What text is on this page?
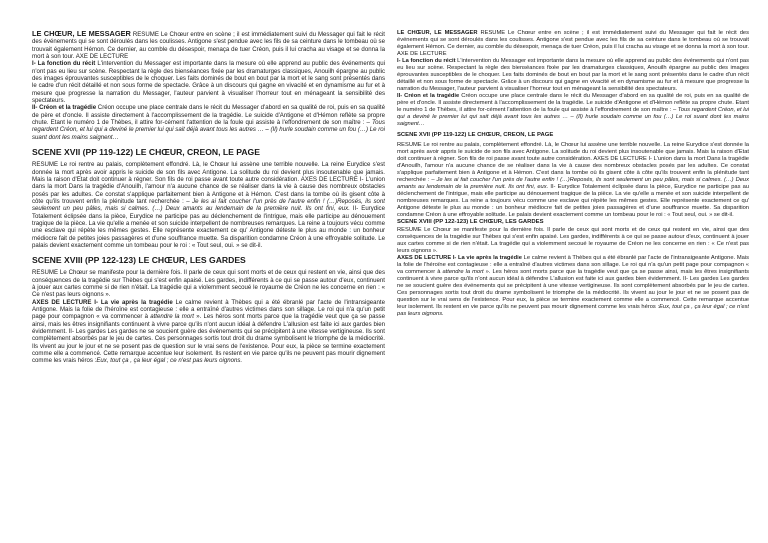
LE CHŒUR, LE MESSAGER RESUME Le Chœur entre en scène ; il est immédiatement suivi du Messager qui fait le récit des événements qui se sont déroulés dans les coulisses. Antigone s'est pendue avec les fils de sa ceinture dans le tombeau où se trouvait également Hémon. Ce dernier, au comble du désespoir, menaça de tuer Créon, puis il lui cracha au visage et se donna la mort à son tour. AXE DE LECTURE
I- La fonction du récit L'intervention du Messager est importante dans la mesure où elle apprend au public des événements qui n'ont pas eu lieu sur scène. Respectant la règle des bienséances fixée par les dramaturges classiques, Anouilh épargne au public des images éprouvantes susceptibles de le choquer. Les faits dominés de bout en bout par la mort et le sang sont présentés dans le cadre d'un récit détaillé et non sous forme de spectacle. Grâce à un discours qui gagne en vivacité et en dynamisme au fur et à mesure que progresse la narration du Messager, l'auteur parvient à visualiser l'horreur tout en ménageant la sensibilité des spectateurs.
II- Créon et la tragédie Créon occupe une place centrale dans le récit du Messager d'abord en sa qualité de roi, puis en sa qualité de père et d'oncle. Il assiste directement à l'accomplissement de la tragédie. Le suicide d'Antigone et d'Hémon reflète sa propre chute. Etant le numéro 1 de Thèbes, il attire for-cément l'attention de la foule qui assiste à l'effondrement de son maître : – Tous regardent Créon, et lui qui a deviné le premier lui qui sait déjà avant tous les autres … – (Il) hurle soudain comme un fou (…) Le roi suant dont les mains saignent…

SCENE XVII (PP 119-122) LE CHŒUR, CREON, LE PAGE

RESUME Le roi rentre au palais, complètement effondré. Là, le Chœur lui assène une terrible nouvelle. La reine Eurydice s'est donnée la mort après avoir appris le suicide de son fils avec Antigone. La solitude du roi devient plus insoutenable que jamais. Mais la raison d'Etat doit continuer à régner. Son fils de roi passe avant toute autre considération. AXES DE LECTURE I- L'union dans la mort Dans la tragédie d'Anouilh, l'amour n'a aucune chance de se réaliser dans la vie à cause des nombreux obstacles posés par les adultes. Ce constat s'applique parfaitement bien à Antigone et à Hémon. C'est dans la tombe où ils gisent côte à côte qu'ils trouvent enfin la plénitude tant recherchée : – Je les ai fait coucher l'un près de l'autre enfin ! (…)Reposés, ils sont seulement un peu pâles, mais si calmes. (…) Deux amants au lendemain de la première nuit. Ils ont fini, eux. II- Eurydice Totalement éclipsée dans la pièce, Eurydice ne participe pas au déclenchement de l'intrigue, mais elle participe au dénouement tragique de la pièce. La vie qu'elle a menée et son suicide interpellent de nombreuses remarques. La reine a toujours vécu comme une esclave qui répète les mêmes gestes. Elle représente exactement ce qu' Antigone déteste le plus au monde : un bonheur médiocre fait de petites joies passagères et d'une souffrance muette. Sa disparition condamne Créon à une effroyable solitude. Le palais devient exactement comme un tombeau pour le roi : « Tout seul, oui. » se dit-il.

SCENE XVIII (PP 122-123) LE CHŒUR, LES GARDES

RESUME Le Chœur se manifeste pour la dernière fois. Il parle de ceux qui sont morts et de ceux qui restent en vie, ainsi que des conséquences de la tragédie sur Thèbes qui s'est enfin apaisé. Les gardes, indifférents à ce qui se passe autour d'eux, continuent à jouer aux cartes comme si de rien n'était. La tragédie qui a violemment secoué le royaume de Créon ne les concerne en rien : « Ce n'est pas leurs oignons ».
AXES DE LECTURE I- La vie après la tragédie Le calme revient à Thèbes qui a été ébranlé par l'acte de l'intransigeante Antigone. Mais la folie de l'héroïne est contagieuse : elle a entraîné d'autres victimes dans son sillage. Le roi qui n'a qu'un petit page pour compagnon « va commencer à attendre la mort ». Les héros sont morts parce que la tragédie veut que ça se passe ainsi, mais les êtres insignifiants continuent à vivre parce qu'ils n'ont aucun idéal à défendre L'allusion est faite ici aux gardes bien évidemment. II- Les gardes Les gardes ne se soucient guère des événements qui se précipitent à une vitesse vertigineuse. Ils sont complètement absorbés par le jeu de cartes. Ces personnages sortis tout droit du drame symbolisent le triomphe de la médiocrité. Ils vivent au jour le jour et ne se posent pas de question sur le vrai sens de l'existence. Pour eux, la pièce se termine exactement comme elle a commencé. Cette remarque accentue leur isolement. Ils restent en vie parce qu'ils ne peuvent pas mourir dignement comme les vrais héros :Eux, tout ça , ça leur égal ; ce n'est pas leurs oignons.

LE CHŒUR, LE MESSAGER RESUME Le Chœur entre en scène ; il est immédiatement suivi du Messager qui fait le récit des événements qui se sont déroulés dans les coulisses. Antigone s'est pendue avec les fils de sa ceinture dans le tombeau où se trouvait également Hémon. Ce dernier, au comble du désespoir, menaça de tuer Créon, puis il lui cracha au visage et se donna la mort à son tour. AXE DE LECTURE
I- La fonction du récit L'intervention du Messager est importante dans la mesure où elle apprend au public des événements qui n'ont pas eu lieu sur scène. Respectant la règle des bienséances fixée par les dramaturges classiques, Anouilh épargne au public des images éprouvantes susceptibles de le choquer. Les faits dominés de bout en bout par la mort et le sang sont présentés dans le cadre d'un récit détaillé et non sous forme de spectacle. Grâce à un discours qui gagne en vivacité et en dynamisme au fur et à mesure que progresse la narration du Messager, l'auteur parvient à visualiser l'horreur tout en ménageant la sensibilité des spectateurs.
II- Créon et la tragédie Créon occupe une place centrale dans le récit du Messager d'abord en sa qualité de roi, puis en sa qualité de père et d'oncle. Il assiste directement à l'accomplissement de la tragédie. Le suicide d'Antigone et d'Hémon reflète sa propre chute. Etant le numéro 1 de Thèbes, il attire for-cément l'attention de la foule qui assiste à l'effondrement de son maître : – Tous regardent Créon, et lui qui a deviné le premier lui qui sait déjà avant tous les autres … – (Il) hurle soudain comme un fou (…) Le roi suant dont les mains saignent…

SCENE XVII (PP 119-122) LE CHŒUR, CREON, LE PAGE

RESUME Le roi rentre au palais, complètement effondré. Là, le Chœur lui assène une terrible nouvelle. La reine Eurydice s'est donnée la mort après avoir appris le suicide de son fils avec Antigone. La solitude du roi devient plus insoutenable que jamais. Mais la raison d'Etat doit continuer à régner. Son fils de roi passe avant toute autre considération. AXES DE LECTURE I- L'union dans la mort Dans la tragédie d'Anouilh, l'amour n'a aucune chance de se réaliser dans la vie à cause des nombreux obstacles posés par les adultes. Ce constat s'applique parfaitement bien à Antigone et à Hémon. C'est dans la tombe où ils gisent côte à côte qu'ils trouvent enfin la plénitude tant recherchée : – Je les ai fait coucher l'un près de l'autre enfin ! (…)Reposés, ils sont seulement un peu pâles, mais si calmes. (…) Deux amants au lendemain de la première nuit. Ils ont fini, eux. II- Eurydice Totalement éclipsée dans la pièce, Eurydice ne participe pas au déclenchement de l'intrigue, mais elle participe au dénouement tragique de la pièce. La vie qu'elle a menée et son suicide interpellent de nombreuses remarques. La reine a toujours vécu comme une esclave qui répète les mêmes gestes. Elle représente exactement ce qu' Antigone déteste le plus au monde : un bonheur médiocre fait de petites joies passagères et d'une souffrance muette. Sa disparition condamne Créon à une effroyable solitude. Le palais devient exactement comme un tombeau pour le roi : « Tout seul, oui. » se dit-il.

SCENE XVIII (PP 122-123) LE CHŒUR, LES GARDES

RESUME Le Chœur se manifeste pour la dernière fois. Il parle de ceux qui sont morts et de ceux qui restent en vie, ainsi que des conséquences de la tragédie sur Thèbes qui s'est enfin apaisé. Les gardes, indifférents à ce qui se passe autour d'eux, continuent à jouer aux cartes comme si de rien n'était. La tragédie qui a violemment secoué le royaume de Créon ne les concerne en rien : « Ce n'est pas leurs oignons ».
AXES DE LECTURE I- La vie après la tragédie Le calme revient à Thèbes qui a été ébranlé par l'acte de l'intransigeante Antigone. Mais la folie de l'héroïne est contagieuse : elle a entraîné d'autres victimes dans son sillage. Le roi qui n'a qu'un petit page pour compagnon « va commencer à attendre la mort ». Les héros sont morts parce que la tragédie veut que ça se passe ainsi, mais les êtres insignifiants continuent à vivre parce qu'ils n'ont aucun idéal à défendre L'allusion est faite ici aux gardes bien évidemment. II- Les gardes Les gardes ne se soucient guère des événements qui se précipitent à une vitesse vertigineuse. Ils sont complètement absorbés par le jeu de cartes. Ces personnages sortis tout droit du drame symbolisent le triomphe de la médiocrité. Ils vivent au jour le jour et ne se posent pas de question sur le vrai sens de l'existence. Pour eux, la pièce se termine exactement comme elle a commencé. Cette remarque accentue leur isolement. Ils restent en vie parce qu'ils ne peuvent pas mourir dignement comme les vrais héros :Eux, tout ça , ça leur égal ; ce n'est pas leurs oignons.
